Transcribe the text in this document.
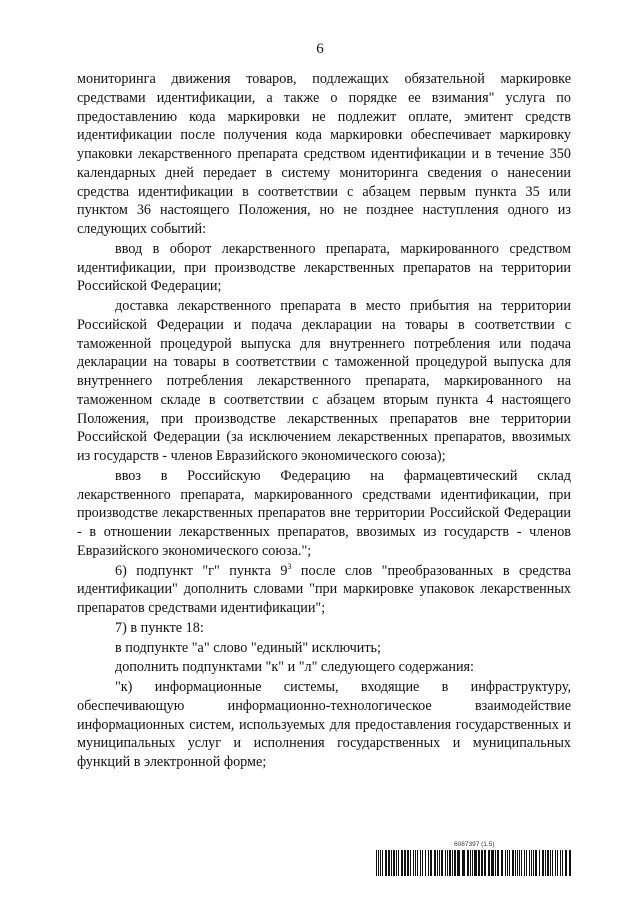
6

мониторинга движения товаров, подлежащих обязательной маркировке средствами идентификации, а также о порядке ее взимания" услуга по предоставлению кода маркировки не подлежит оплате, эмитент средств идентификации после получения кода маркировки обеспечивает маркировку упаковки лекарственного препарата средством идентификации и в течение 350 календарных дней передает в систему мониторинга сведения о нанесении средства идентификации в соответствии с абзацем первым пункта 35 или пунктом 36 настоящего Положения, но не позднее наступления одного из следующих событий:

ввод в оборот лекарственного препарата, маркированного средством идентификации, при производстве лекарственных препаратов на территории Российской Федерации;

доставка лекарственного препарата в место прибытия на территории Российской Федерации и подача декларации на товары в соответствии с таможенной процедурой выпуска для внутреннего потребления или подача декларации на товары в соответствии с таможенной процедурой выпуска для внутреннего потребления лекарственного препарата, маркированного на таможенном складе в соответствии с абзацем вторым пункта 4 настоящего Положения, при производстве лекарственных препаратов вне территории Российской Федерации (за исключением лекарственных препаратов, ввозимых из государств - членов Евразийского экономического союза);

ввоз в Российскую Федерацию на фармацевтический склад лекарственного препарата, маркированного средствами идентификации, при производстве лекарственных препаратов вне территории Российской Федерации - в отношении лекарственных препаратов, ввозимых из государств - членов Евразийского экономического союза.";

6) подпункт "г" пункта $9^3$ после слов "преобразованных в средства идентификации" дополнить словами "при маркировке упаковок лекарственных препаратов средствами идентификации";

7) в пункте 18:

в подпункте "а" слово "единый" исключить;

дополнить подпунктами "к" и "л" следующего содержания:

"к) информационные системы, входящие в инфраструктуру, обеспечивающую информационно-технологическое взаимодействие информационных систем, используемых для предоставления государственных и муниципальных услуг и исполнения государственных и муниципальных функций в электронной форме;

6087397 (1.5)
